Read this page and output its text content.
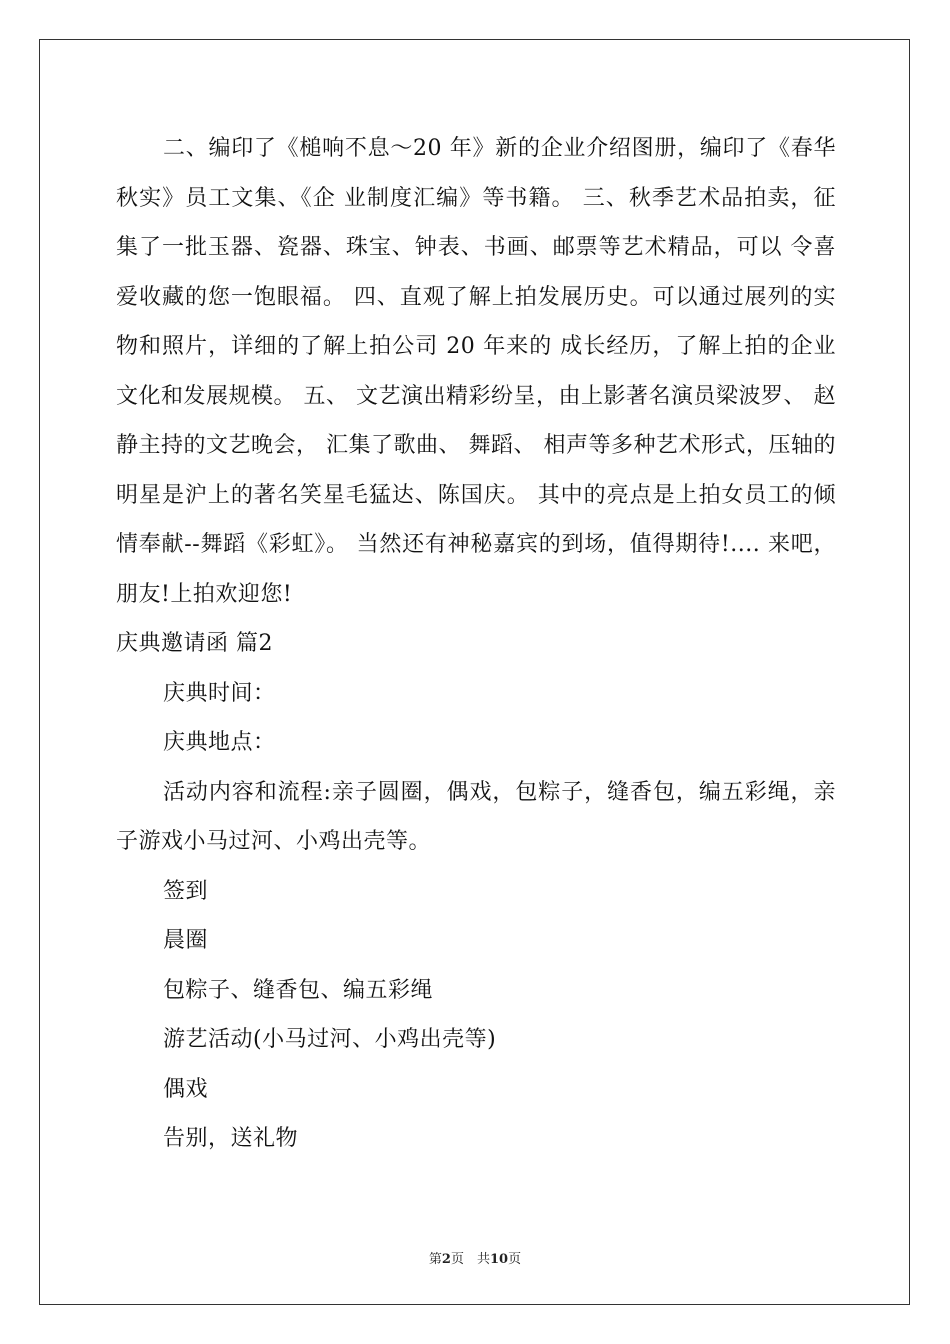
二、编印了《槌响不息～20 年》新的企业介绍图册，编印了《春华秋实》员工文集、《企 业制度汇编》等书籍。 三、秋季艺术品拍卖，征集了一批玉器、瓷器、珠宝、钟表、书画、邮票等艺术精品，可以 令喜爱收藏的您一饱眼福。 四、直观了解上拍发展历史。可以通过展列的实物和照片，详细的了解上拍公司 20 年来的 成长经历，了解上拍的企业文化和发展规模。 五、 文艺演出精彩纷呈，由上影著名演员梁波罗、 赵静主持的文艺晚会， 汇集了歌曲、 舞蹈、 相声等多种艺术形式，压轴的明星是沪上的著名笑星毛猛达、陈国庆。 其中的亮点是上拍女员工的倾情奉献--舞蹈《彩虹》。 当然还有神秘嘉宾的到场，值得期待!.... 来吧，朋友!上拍欢迎您!

庆典邀请函 篇2

庆典时间：

庆典地点：

活动内容和流程:亲子圆圈，偶戏，包粽子，缝香包，编五彩绳，亲子游戏小马过河、小鸡出壳等。

签到

晨圈

包粽子、缝香包、编五彩绳

游艺活动(小马过河、小鸡出壳等)

偶戏

告别，送礼物

第2页　共10页
